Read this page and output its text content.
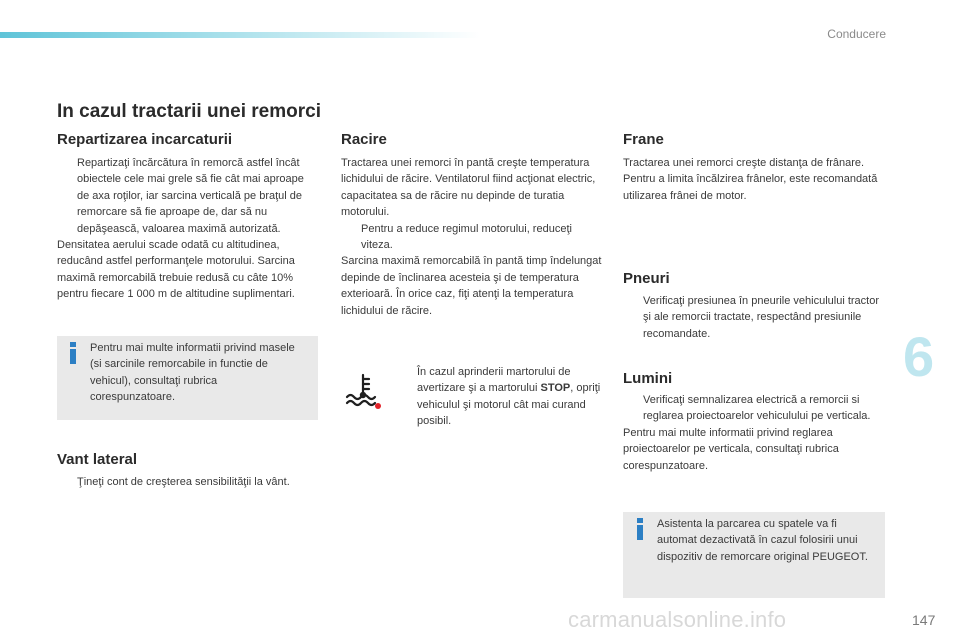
Conducere
In cazul tractarii unei remorci
Repartizarea incarcaturii
Repartizaţi încărcătura în remorcă astfel încât obiectele cele mai grele să fie cât mai aproape de axa roţilor, iar sarcina verticală pe braţul de remorcare să fie aproape de, dar să nu depăşească, valoarea maximă autorizată.
Densitatea aerului scade odată cu altitudinea, reducând astfel performanţele motorului. Sarcina maximă remorcabilă trebuie redusă cu câte 10% pentru fiecare 1 000 m de altitudine suplimentari.
Pentru mai multe informatii privind masele (si sarcinile remorcabile in functie de vehicul), consultaţi rubrica corespunzatoare.
Vant lateral
Ţineţi cont de creşterea sensibilităţii la vânt.
Racire
Tractarea unei remorci în pantă creşte temperatura lichidului de răcire. Ventilatorul fiind acţionat electric, capacitatea sa de răcire nu depinde de turatia motorului.
Pentru a reduce regimul motorului, reduceţi viteza.
Sarcina maximă remorcabilă în pantă timp îndelungat depinde de înclinarea acesteia şi de temperatura exterioară. În orice caz, fiţi atenţi la temperatura lichidului de răcire.
În cazul aprinderii martorului de avertizare şi a martorului STOP, opriţi vehiculul şi motorul cât mai curand posibil.
Frane
Tractarea unei remorci creşte distanţa de frânare. Pentru a limita încălzirea frânelor, este recomandată utilizarea frânei de motor.
Pneuri
Verificaţi presiunea în pneurile vehiculului tractor şi ale remorcii tractate, respectând presiunile recomandate.
Lumini
Verificaţi semnalizarea electrică a remorcii si reglarea proiectoarelor vehiculului pe verticala.
Pentru mai multe informatii privind reglarea proiectoarelor pe verticala, consultaţi rubrica corespunzatoare.
Asistenta la parcarea cu spatele va fi automat dezactivată în cazul folosirii unui dispozitiv de remorcare original PEUGEOT.
6
carmanualsonline.info	147
